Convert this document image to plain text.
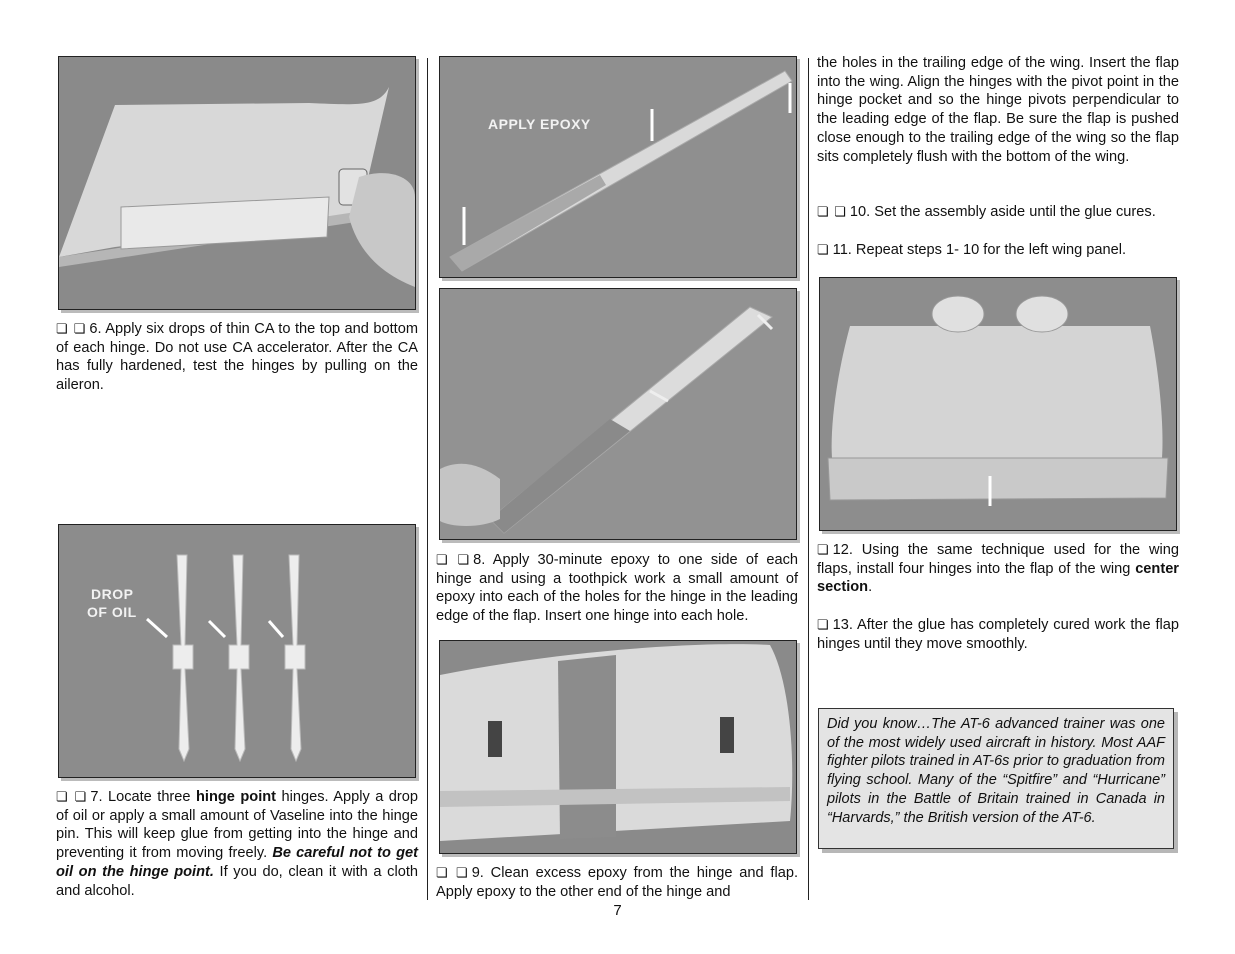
❏ ❏ 6. Apply six drops of thin CA to the top and bottom of each hinge. Do not use CA accelerator. After the CA has fully hardened, test the hinges by pulling on the aileron.

DROP
OF OIL

❏ ❏ 7. Locate three hinge point hinges. Apply a drop of oil or apply a small amount of Vaseline into the hinge pin. This will keep glue from getting into the hinge and preventing it from moving freely. Be careful not to get oil on the hinge point. If you do, clean it with a cloth and alcohol.

APPLY EPOXY

❏ ❏ 8. Apply 30-minute epoxy to one side of each hinge and using a toothpick work a small amount of epoxy into each of the holes for the hinge in the leading edge of the flap. Insert one hinge into each hole.

❏ ❏ 9. Clean excess epoxy from the hinge and flap. Apply epoxy to the other end of the hinge and

the holes in the trailing edge of the wing. Insert the flap into the wing. Align the hinges with the pivot point in the hinge pocket and so the hinge pivots perpendicular to the leading edge of the flap. Be sure the flap is pushed close enough to the trailing edge of the wing so the flap sits completely flush with the bottom of the wing.

❏ ❏ 10. Set the assembly aside until the glue cures.

❏ 11. Repeat steps 1- 10 for the left wing panel.

❏ 12. Using the same technique used for the wing flaps, install four hinges into the flap of the wing center section.

❏ 13. After the glue has completely cured work the flap hinges until they move smoothly.

Did you know…The AT-6 advanced trainer was one of the most widely used aircraft in history. Most AAF fighter pilots trained in AT-6s prior to graduation from flying school. Many of the “Spitfire” and “Hurricane” pilots in the Battle of Britain trained in Canada in “Harvards,” the British version of the AT-6.

7
